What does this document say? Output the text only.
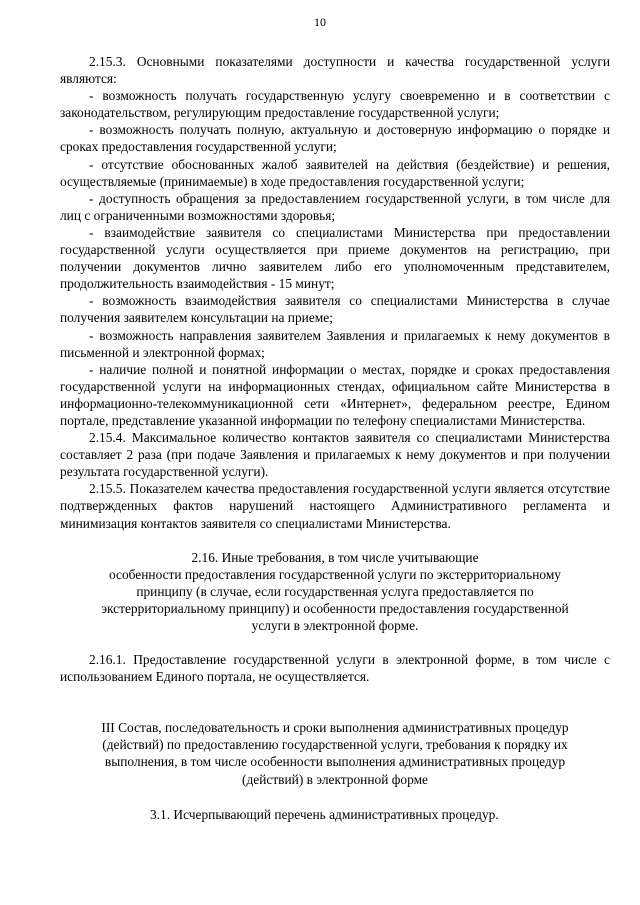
10

2.15.3. Основными показателями доступности и качества государственной услуги являются:

- возможность получать государственную услугу своевременно и в соответствии с законодательством, регулирующим предоставление государственной услуги;

- возможность получать полную, актуальную и достоверную информацию о порядке и сроках предоставления государственной услуги;

- отсутствие обоснованных жалоб заявителей на действия (бездействие) и решения, осуществляемые (принимаемые) в ходе предоставления государственной услуги;

- доступность обращения за предоставлением государственной услуги, в том числе для лиц с ограниченными возможностями здоровья;

- взаимодействие заявителя со специалистами Министерства при предоставлении государственной услуги осуществляется при приеме документов на регистрацию, при получении документов лично заявителем либо его уполномоченным представителем, продолжительность взаимодействия - 15 минут;

- возможность взаимодействия заявителя со специалистами Министерства в случае получения заявителем консультации на приеме;

- возможность направления заявителем Заявления и прилагаемых к нему документов в письменной и электронной формах;

- наличие полной и понятной информации о местах, порядке и сроках предоставления государственной услуги на информационных стендах, официальном сайте Министерства в информационно-телекоммуникационной сети «Интернет», федеральном реестре, Едином портале, представление указанной информации по телефону специалистами Министерства.

2.15.4. Максимальное количество контактов заявителя со специалистами Министерства составляет 2 раза (при подаче Заявления и прилагаемых к нему документов и при получении результата государственной услуги).

2.15.5. Показателем качества предоставления государственной услуги является отсутствие подтвержденных фактов нарушений настоящего Административного регламента и минимизация контактов заявителя со специалистами Министерства.

2.16. Иные требования, в том числе учитывающие
особенности предоставления государственной услуги по экстерриториальному
принципу (в случае, если государственная услуга предоставляется по
экстерриториальному принципу) и особенности предоставления государственной
услуги в электронной форме.

2.16.1. Предоставление государственной услуги в электронной форме, в том числе с использованием Единого портала, не осуществляется.

III Состав, последовательность и сроки выполнения административных процедур
(действий) по предоставлению государственной услуги, требования к порядку их
выполнения, в том числе особенности выполнения административных процедур
(действий) в электронной форме

3.1. Исчерпывающий перечень административных процедур.
